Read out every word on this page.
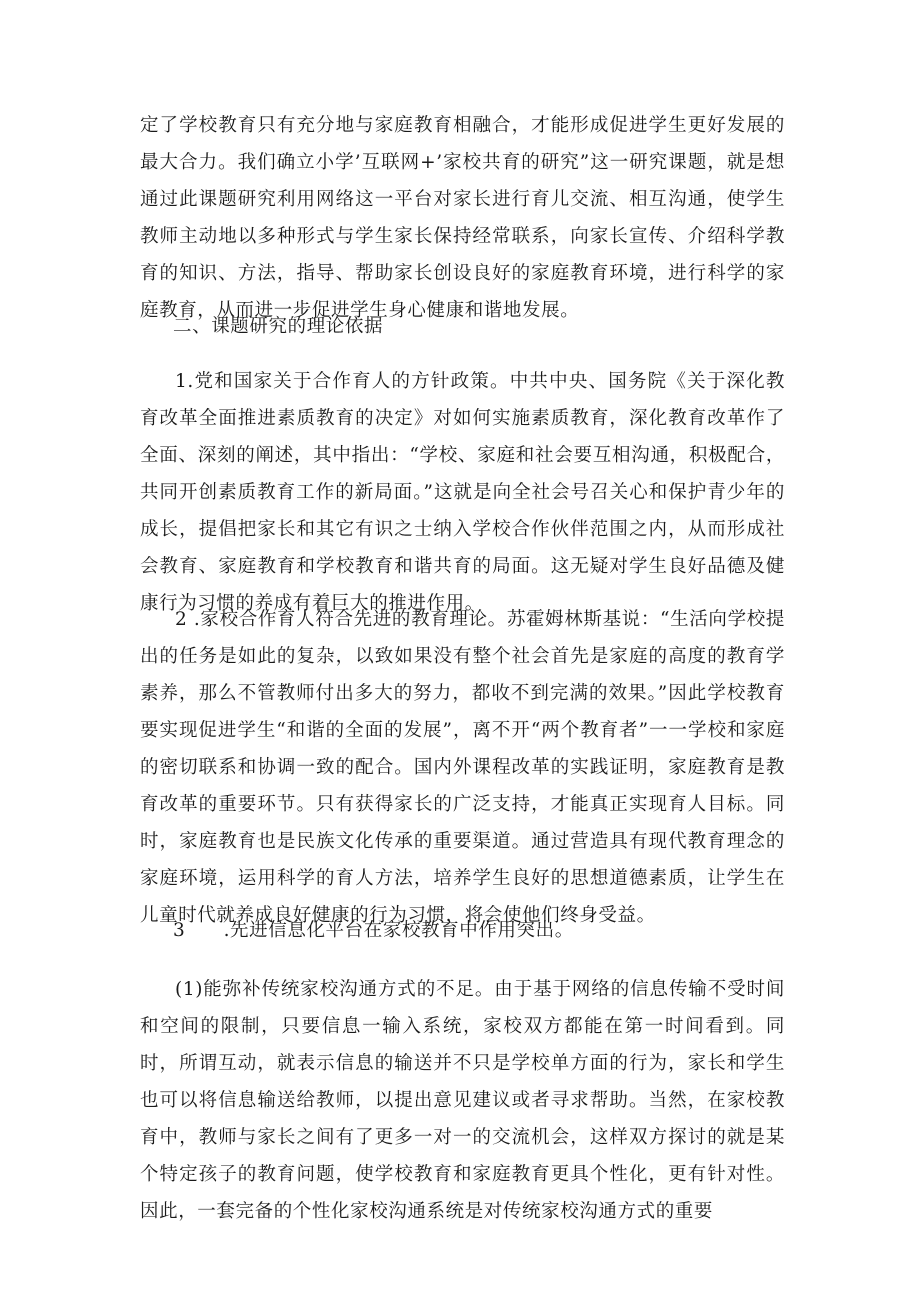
定了学校教育只有充分地与家庭教育相融合，才能形成促进学生更好发展的最大合力。我们确立小学’互联网+’家校共育的研究”这一研究课题，就是想通过此课题研究利用网络这一平台对家长进行育儿交流、相互沟通，使学生教师主动地以多种形式与学生家长保持经常联系，向家长宣传、介绍科学教育的知识、方法，指导、帮助家长创设良好的家庭教育环境，进行科学的家庭教育，从而进一步促进学生身心健康和谐地发展。

二、课题研究的理论依据

1.党和国家关于合作育人的方针政策。中共中央、国务院《关于深化教育改革全面推进素质教育的决定》对如何实施素质教育，深化教育改革作了全面、深刻的阐述，其中指出：“学校、家庭和社会要互相沟通，积极配合，共同开创素质教育工作的新局面。”这就是向全社会号召关心和保护青少年的成长，提倡把家长和其它有识之士纳入学校合作伙伴范围之内，从而形成社会教育、家庭教育和学校教育和谐共育的局面。这无疑对学生良好品德及健康行为习惯的养成有着巨大的推进作用。

2 .家校合作育人符合先进的教育理论。苏霍姆林斯基说：“生活向学校提出的任务是如此的复杂，以致如果没有整个社会首先是家庭的高度的教育学素养，那么不管教师付出多大的努力，都收不到完满的效果。”因此学校教育要实现促进学生“和谐的全面的发展”，离不开“两个教育者”一一学校和家庭的密切联系和协调一致的配合。国内外课程改革的实践证明，家庭教育是教育改革的重要环节。只有获得家长的广泛支持，才能真正实现育人目标。同时，家庭教育也是民族文化传承的重要渠道。通过营造具有现代教育理念的家庭环境，运用科学的育人方法，培养学生良好的思想道德素质，让学生在儿童时代就养成良好健康的行为习惯，将会使他们终身受益。

3　　.先进信息化平台在家校教育中作用突出。

(1)能弥补传统家校沟通方式的不足。由于基于网络的信息传输不受时间和空间的限制，只要信息一输入系统，家校双方都能在第一时间看到。同时，所谓互动，就表示信息的输送并不只是学校单方面的行为，家长和学生也可以将信息输送给教师，以提出意见建议或者寻求帮助。当然，在家校教育中，教师与家长之间有了更多一对一的交流机会，这样双方探讨的就是某个特定孩子的教育问题，使学校教育和家庭教育更具个性化，更有针对性。因此，一套完备的个性化家校沟通系统是对传统家校沟通方式的重要
